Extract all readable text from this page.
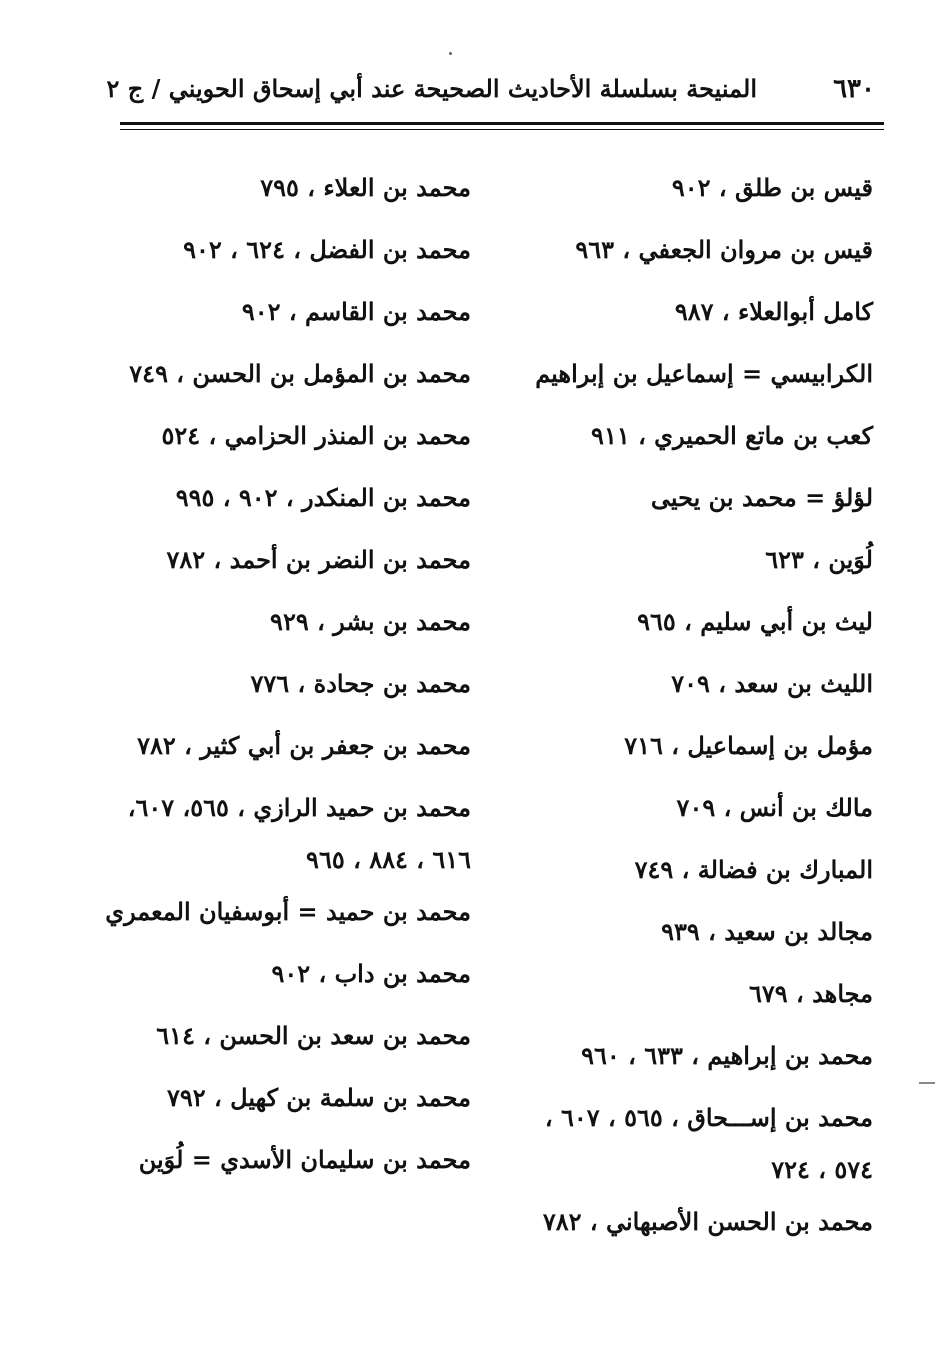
٦٣٠
المنيحة بسلسلة الأحاديث الصحيحة عند أبي إسحاق الحويني / ج ٢
قيس بن طلق ، ٩٠٢
قيس بن مروان الجعفي ، ٩٦٣
كامل أبوالعلاء ، ٩٨٧
الكرابيسي = إسماعيل بن إبراهيم
كعب بن ماتع الحميري ، ٩١١
لؤلؤ = محمد بن يحيى
لُوَين ، ٦٢٣
ليث بن أبي سليم ، ٩٦٥
الليث بن سعد ، ٧٠٩
مؤمل بن إسماعيل ، ٧١٦
مالك بن أنس ، ٧٠٩
المبارك بن فضالة ، ٧٤٩
مجالد بن سعيد ، ٩٣٩
مجاهد ، ٦٧٩
محمد بن إبراهيم ، ٦٣٣ ، ٩٦٠
محمد بن إســـحاق ، ٥٦٥ ، ٦٠٧ ،
٥٧٤ ، ٧٢٤
محمد بن الحسن الأصبهاني ، ٧٨٢
محمد بن العلاء ، ٧٩٥
محمد بن الفضل ، ٦٢٤ ، ٩٠٢
محمد بن القاسم ، ٩٠٢
محمد بن المؤمل بن الحسن ، ٧٤٩
محمد بن المنذر الحزامي ، ٥٢٤
محمد بن المنكدر ، ٩٠٢ ، ٩٩٥
محمد بن النضر بن أحمد ، ٧٨٢
محمد بن بشر ، ٩٢٩
محمد بن جحادة ، ٧٧٦
محمد بن جعفر بن أبي كثير ، ٧٨٢
محمد بن حميد الرازي ، ٥٦٥، ٦٠٧،
٦١٦ ، ٨٨٤ ، ٩٦٥
محمد بن حميد = أبوسفيان المعمري
محمد بن داب ، ٩٠٢
محمد بن سعد بن الحسن ، ٦١٤
محمد بن سلمة بن كهيل ، ٧٩٢
محمد بن سليمان الأسدي = لُوَين
